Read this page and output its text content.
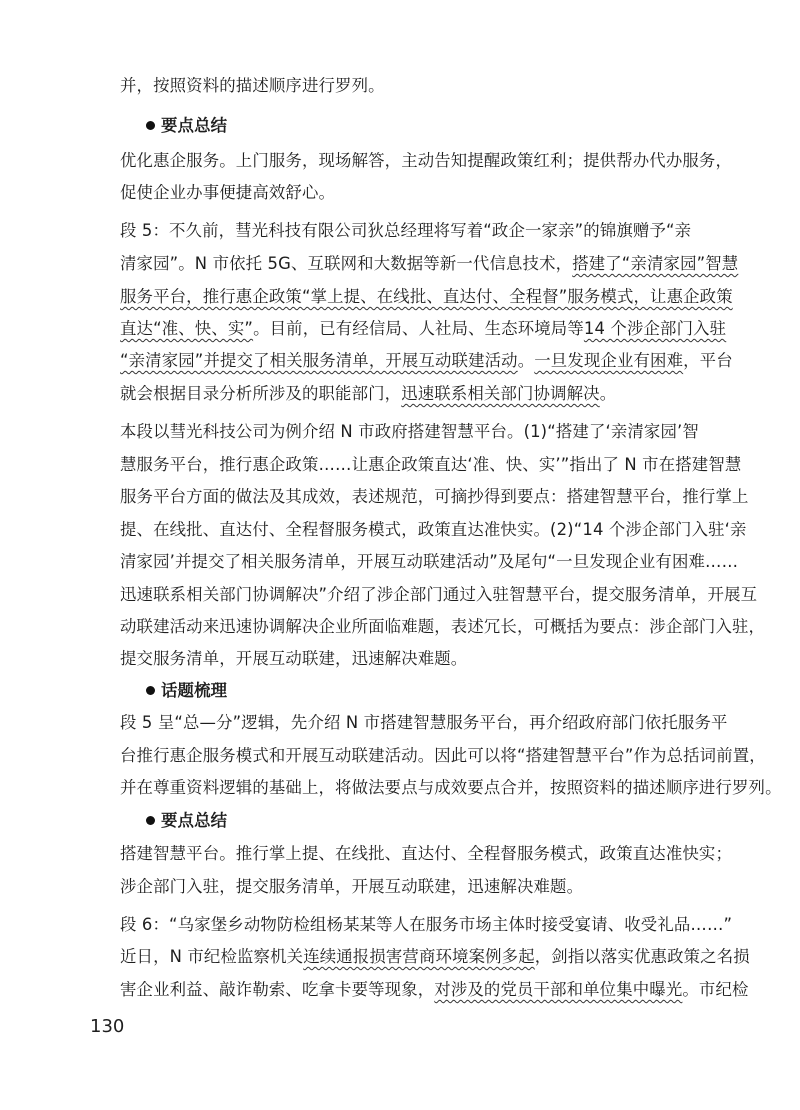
并，按照资料的描述顺序进行罗列。
要点总结
优化惠企服务。上门服务，现场解答，主动告知提醒政策红利；提供帮办代办服务，
促使企业办事便捷高效舒心。
段 5：不久前，彗光科技有限公司狄总经理将写着“政企一家亲”的锦旗赠予“亲
清家园”。N 市依托 5G、互联网和大数据等新一代信息技术，搭建了“亲清家园”智慧
服务平台，推行惠企政策“掌上提、在线批、直达付、全程督”服务模式，让惠企政策
直达“准、快、实”。目前，已有经信局、人社局、生态环境局等14 个涉企部门入驻
“亲清家园”并提交了相关服务清单，开展互动联建活动。一旦发现企业有困难，平台
就会根据目录分析所涉及的职能部门，迅速联系相关部门协调解决。
本段以彗光科技公司为例介绍 N 市政府搭建智慧平台。(1)“搭建了‘亲清家园’智
慧服务平台，推行惠企政策……让惠企政策直达‘准、快、实’”指出了 N 市在搭建智慧
服务平台方面的做法及其成效，表述规范，可摘抄得到要点：搭建智慧平台，推行掌上
提、在线批、直达付、全程督服务模式，政策直达准快实。(2)“14 个涉企部门入驻‘亲
清家园’并提交了相关服务清单，开展互动联建活动”及尾句“一旦发现企业有困难……
迅速联系相关部门协调解决”介绍了涉企部门通过入驻智慧平台，提交服务清单，开展互
动联建活动来迅速协调解决企业所面临难题，表述冗长，可概括为要点：涉企部门入驻，
提交服务清单，开展互动联建，迅速解决难题。
话题梳理
段 5 呈“总—分”逻辑，先介绍 N 市搭建智慧服务平台，再介绍政府部门依托服务平
台推行惠企服务模式和开展互动联建活动。因此可以将“搭建智慧平台”作为总括词前置，
并在尊重资料逻辑的基础上，将做法要点与成效要点合并，按照资料的描述顺序进行罗列。
要点总结
搭建智慧平台。推行掌上提、在线批、直达付、全程督服务模式，政策直达准快实；
涉企部门入驻，提交服务清单，开展互动联建，迅速解决难题。
段 6：“乌家堡乡动物防检组杨某某等人在服务市场主体时接受宴请、收受礼品……”
近日，N 市纪检监察机关连续通报损害营商环境案例多起，剑指以落实优惠政策之名损
害企业利益、敲诈勒索、吃拿卡要等现象，对涉及的党员干部和单位集中曝光。市纪检
130
